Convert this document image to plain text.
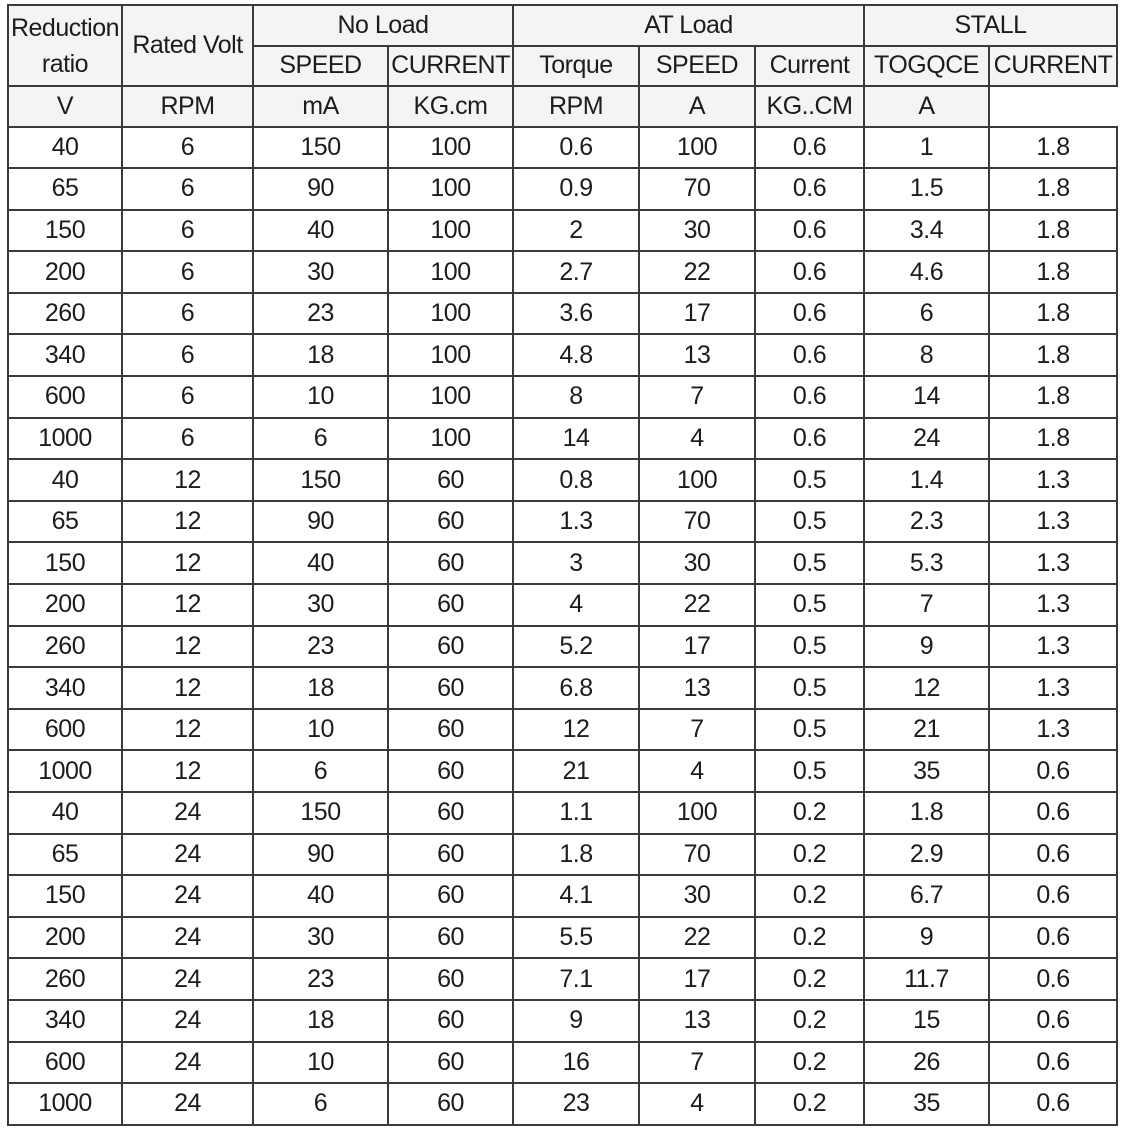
Reduction
ratio	Rated Volt	No Load		AT Load			STALL	
		SPEED	CURRENT	Torque	SPEED	Current	TOGQCE	CURRENT
V	RPM	mA	KG.cm	RPM	A	KG..CM	A	
40	6	150	100	0.6	100	0.6	1	1.8
65	6	90	100	0.9	70	0.6	1.5	1.8
150	6	40	100	2	30	0.6	3.4	1.8
200	6	30	100	2.7	22	0.6	4.6	1.8
260	6	23	100	3.6	17	0.6	6	1.8
340	6	18	100	4.8	13	0.6	8	1.8
600	6	10	100	8	7	0.6	14	1.8
1000	6	6	100	14	4	0.6	24	1.8
40	12	150	60	0.8	100	0.5	1.4	1.3
65	12	90	60	1.3	70	0.5	2.3	1.3
150	12	40	60	3	30	0.5	5.3	1.3
200	12	30	60	4	22	0.5	7	1.3
260	12	23	60	5.2	17	0.5	9	1.3
340	12	18	60	6.8	13	0.5	12	1.3
600	12	10	60	12	7	0.5	21	1.3
1000	12	6	60	21	4	0.5	35	0.6
40	24	150	60	1.1	100	0.2	1.8	0.6
65	24	90	60	1.8	70	0.2	2.9	0.6
150	24	40	60	4.1	30	0.2	6.7	0.6
200	24	30	60	5.5	22	0.2	9	0.6
260	24	23	60	7.1	17	0.2	11.7	0.6
340	24	18	60	9	13	0.2	15	0.6
600	24	10	60	16	7	0.2	26	0.6
1000	24	6	60	23	4	0.2	35	0.6
